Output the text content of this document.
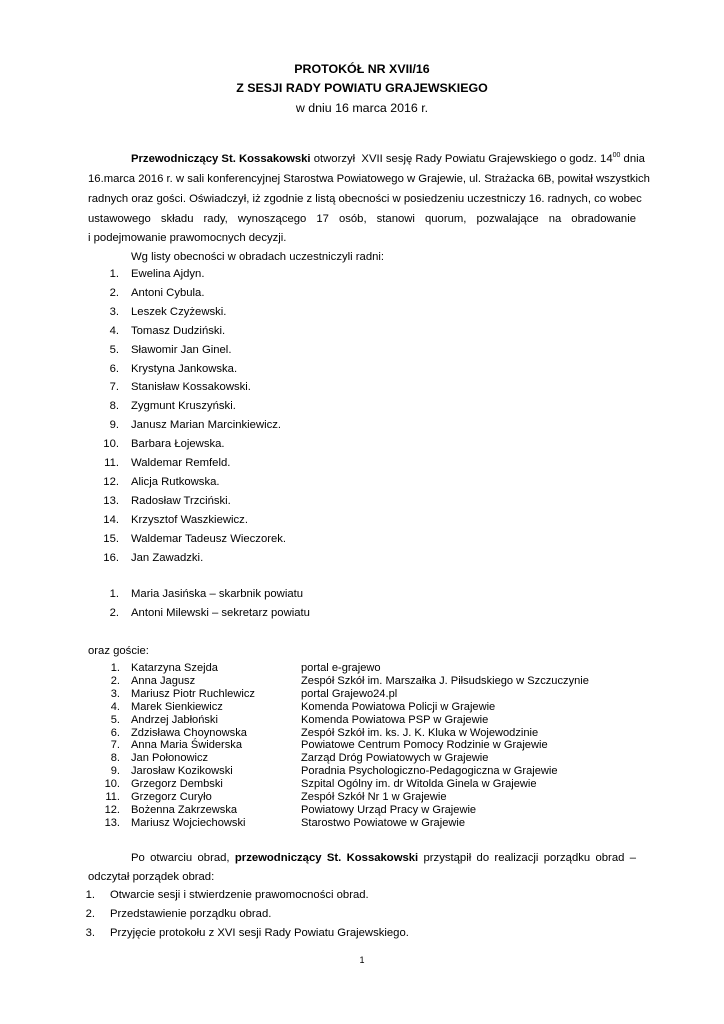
PROTOKÓŁ NR XVII/16
Z SESJI RADY POWIATU GRAJEWSKIEGO
w dniu 16 marca 2016 r.
Przewodniczący St. Kossakowski otworzył  XVII sesję Rady Powiatu Grajewskiego o godz. $14^{00}$ dnia
16.marca 2016 r. w sali konferencyjnej Starostwa Powiatowego w Grajewie, ul. Strażacka 6B, powitał wszystkich
radnych oraz gości. Oświadczył, iż zgodnie z listą obecności w posiedzeniu uczestniczy 16. radnych, co wobec
ustawowego składu rady, wynoszącego 17 osób, stanowi quorum, pozwalające na obradowanie
i podejmowanie prawomocnych decyzji.
Wg listy obecności w obradach uczestniczyli radni:
1. Ewelina Ajdyn.
2. Antoni Cybula.
3. Leszek Czyżewski.
4. Tomasz Dudziński.
5. Sławomir Jan Ginel.
6. Krystyna Jankowska.
7. Stanisław Kossakowski.
8. Zygmunt Kruszyński.
9. Janusz Marian Marcinkiewicz.
10. Barbara Łojewska.
11. Waldemar Remfeld.
12. Alicja Rutkowska.
13. Radosław Trzciński.
14. Krzysztof Waszkiewicz.
15. Waldemar Tadeusz Wieczorek.
16. Jan Zawadzki.
1. Maria Jasińska – skarbnik powiatu
2. Antoni Milewski – sekretarz powiatu
oraz goście:
1. Katarzyna Szejda	portal e-grajewo
2. Anna Jagusz	Zespół Szkół im. Marszałka J. Piłsudskiego w Szczuczynie
3. Mariusz Piotr Ruchlewicz	portal Grajewo24.pl
4. Marek Sienkiewicz	Komenda Powiatowa Policji w Grajewie
5. Andrzej Jabłoński	Komenda Powiatowa PSP w Grajewie
6. Zdzisława Choynowska	Zespół Szkół im. ks. J. K. Kluka w Wojewodzinie
7. Anna Maria Świderska	Powiatowe Centrum Pomocy Rodzinie w Grajewie
8. Jan Połonowicz	Zarząd Dróg Powiatowych w Grajewie
9. Jarosław Kozikowski	Poradnia Psychologiczno-Pedagogiczna w Grajewie
10. Grzegorz Dembski	Szpital Ogólny im. dr Witolda Ginela w Grajewie
11. Grzegorz Curyło	Zespół Szkół Nr 1 w Grajewie
12. Bożenna Zakrzewska	Powiatowy Urząd Pracy w Grajewie
13. Mariusz Wojciechowski	Starostwo Powiatowe w Grajewie
Po otwarciu obrad, przewodniczący St. Kossakowski przystąpił do realizacji porządku obrad –
odczytał porządek obrad:
1. Otwarcie sesji i stwierdzenie prawomocności obrad.
2. Przedstawienie porządku obrad.
3. Przyjęcie protokołu z XVI sesji Rady Powiatu Grajewskiego.
1
